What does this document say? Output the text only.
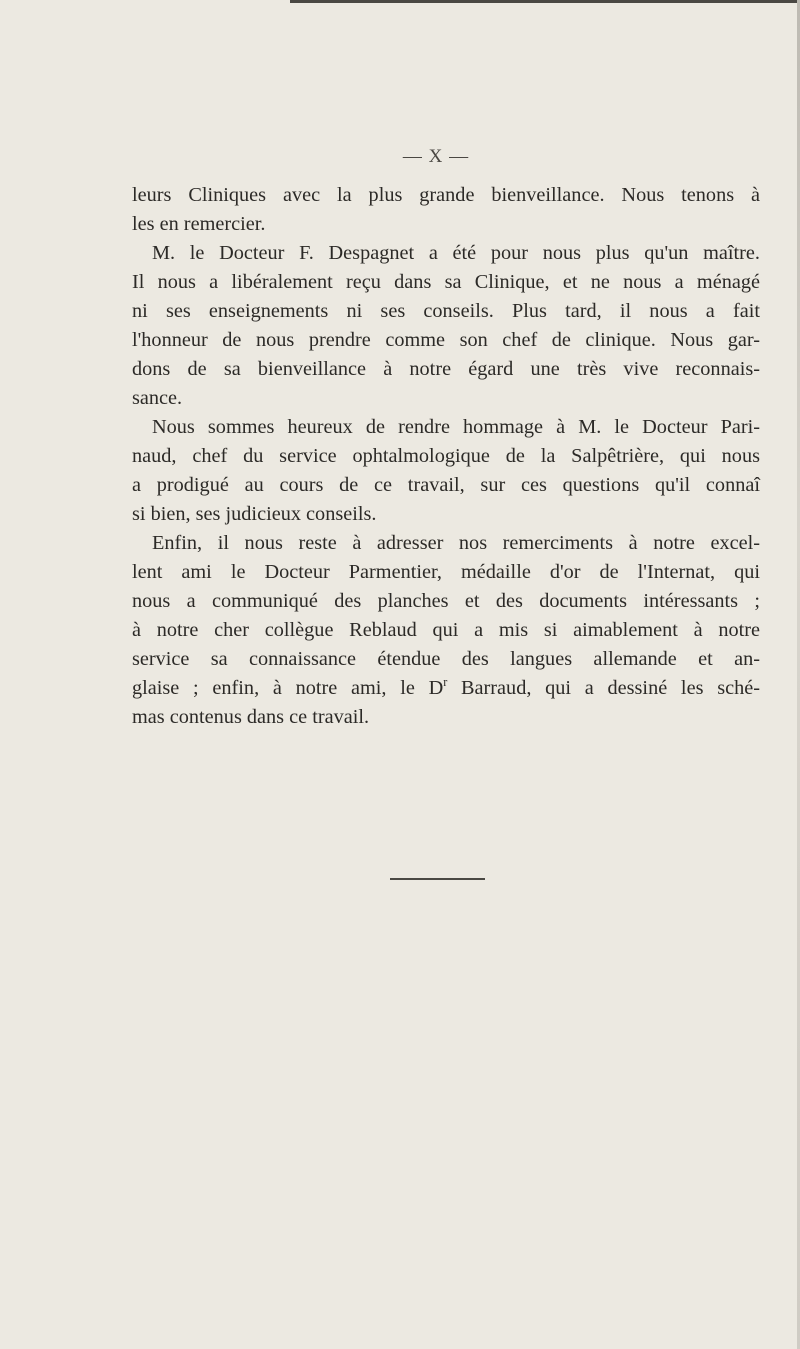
— X —
leurs Cliniques avec la plus grande bienveillance. Nous tenons à
les en remercier.
M. le Docteur F. Despagnet a été pour nous plus qu'un maître.
Il nous a libéralement reçu dans sa Clinique, et ne nous a ménagé
ni ses enseignements ni ses conseils. Plus tard, il nous a fait
l'honneur de nous prendre comme son chef de clinique. Nous gar-
dons de sa bienveillance à notre égard une très vive reconnais-
sance.
Nous sommes heureux de rendre hommage à M. le Docteur Pari-
naud, chef du service ophtalmologique de la Salpêtrière, qui nous
a prodigué au cours de ce travail, sur ces questions qu'il connaî
si bien, ses judicieux conseils.
Enfin, il nous reste à adresser nos remerciments à notre excel-
lent ami le Docteur Parmentier, médaille d'or de l'Internat, qui
nous a communiqué des planches et des documents intéressants ;
à notre cher collègue Reblaud qui a mis si aimablement à notre
service sa connaissance étendue des langues allemande et an-
glaise ; enfin, à notre ami, le $D^r$ Barraud, qui a dessiné les sché-
mas contenus dans ce travail.
